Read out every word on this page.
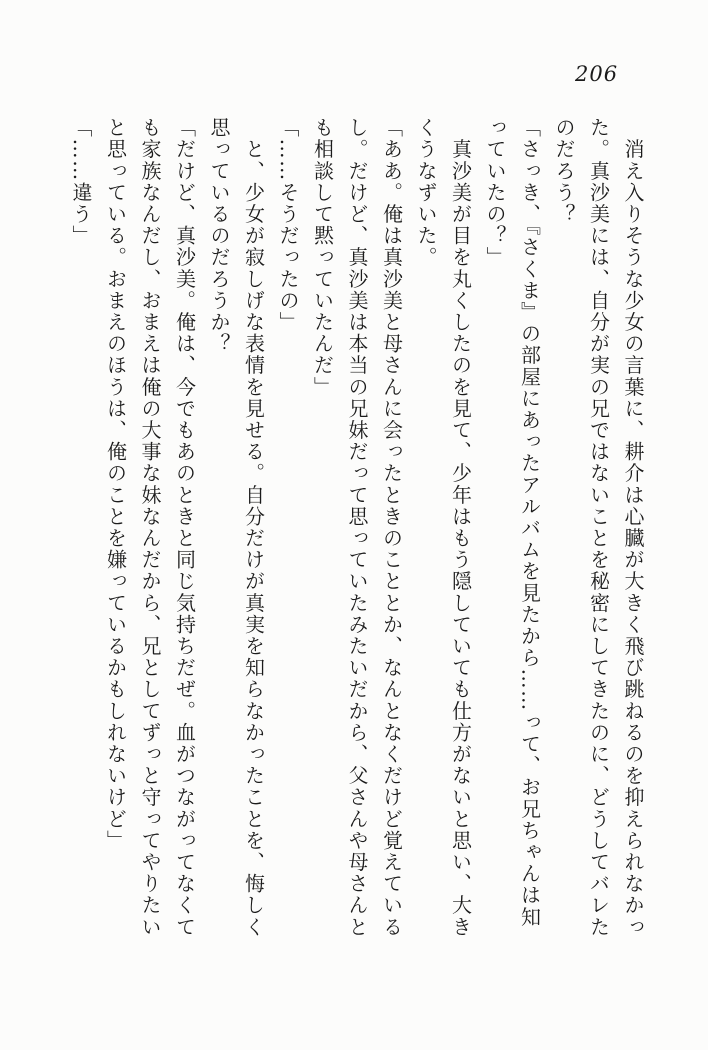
206
　消え入りそうな少女の言葉に、耕介は心臓が大きく飛び跳ねるのを抑えられなかっ
た。真沙美には、自分が実の兄ではないことを秘密にしてきたのに、どうしてバレた
のだろう？
「さっき、『さくま』の部屋にあったアルバムを見たから……って、お兄ちゃんは知
っていたの？」
　真沙美が目を丸くしたのを見て、少年はもう隠していても仕方がないと思い、大き
くうなずいた。
「ああ。俺は真沙美と母さんに会ったときのこととか、なんとなくだけど覚えている
し。だけど、真沙美は本当の兄妹だって思っていたみたいだから、父さんや母さんと
も相談して黙っていたんだ」
「……そうだったの」
　と、少女が寂しげな表情を見せる。自分だけが真実を知らなかったことを、悔しく
思っているのだろうか？
「だけど、真沙美。俺は、今でもあのときと同じ気持ちだぜ。血がつながってなくて
も家族なんだし、おまえは俺の大事な妹なんだから、兄としてずっと守ってやりたい
と思っている。おまえのほうは、俺のことを嫌っているかもしれないけど」
「……違う」
